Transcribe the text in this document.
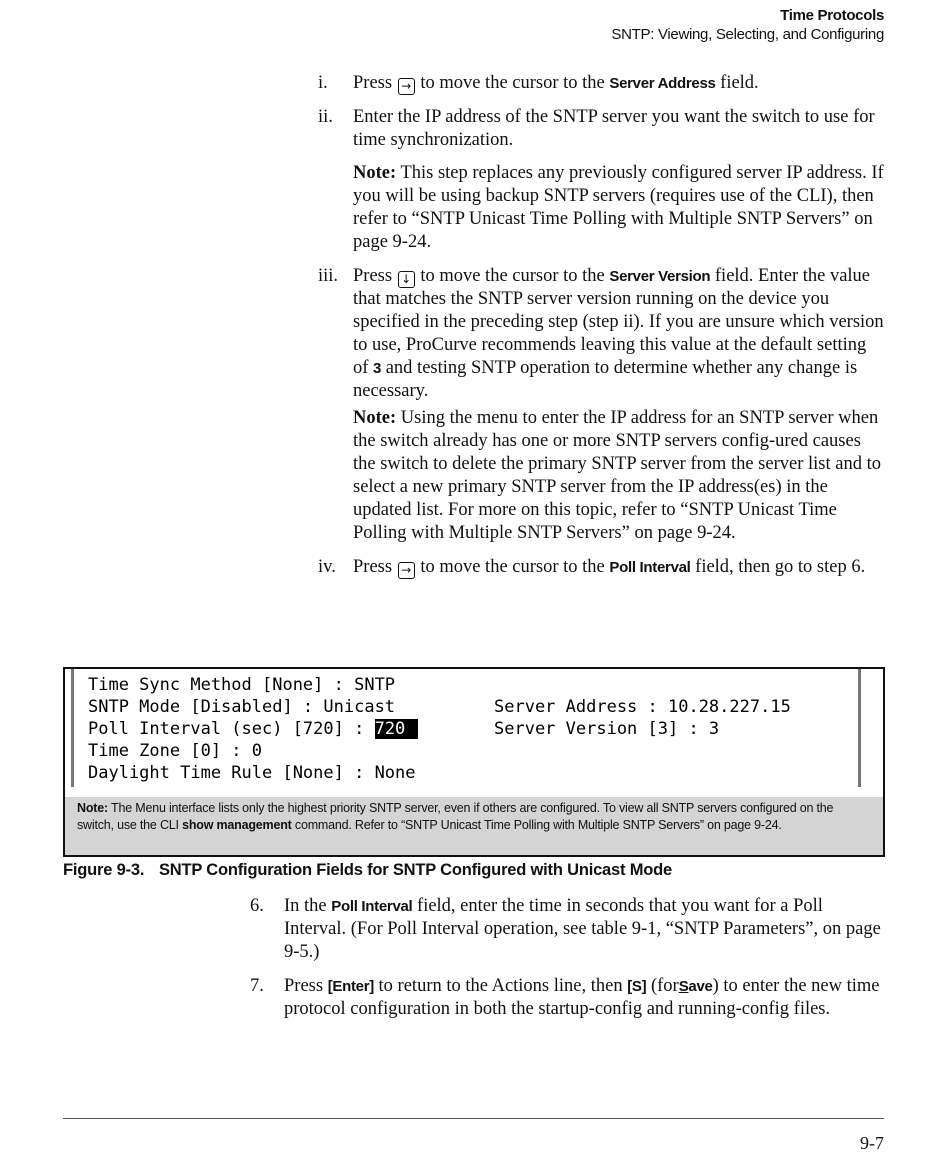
Time Protocols
SNTP: Viewing, Selecting, and Configuring
i. Press → to move the cursor to the Server Address field.

ii. Enter the IP address of the SNTP server you want the switch to use for time synchronization.

Note: This step replaces any previously configured server IP address. If you will be using backup SNTP servers (requires use of the CLI), then refer to “SNTP Unicast Time Polling with Multiple SNTP Servers” on page 9-24.

iii. Press ↓ to move the cursor to the Server Version field. Enter the value that matches the SNTP server version running on the device you specified in the preceding step (step ii). If you are unsure which version to use, ProCurve recommends leaving this value at the default setting of 3 and testing SNTP operation to determine whether any change is necessary.

Note: Using the menu to enter the IP address for an SNTP server when the switch already has one or more SNTP servers config-ured causes the switch to delete the primary SNTP server from the server list and to select a new primary SNTP server from the IP address(es) in the updated list. For more on this topic, refer to “SNTP Unicast Time Polling with Multiple SNTP Servers” on page 9-24.

iv. Press → to move the cursor to the Poll Interval field, then go to step 6.

Time Sync Method [None] : SNTP
SNTP Mode [Disabled] : Unicast
Poll Interval (sec) [720] : 720
Time Zone [0] : 0
Daylight Time Rule [None] : None
Server Address : 10.28.227.15
Server Version [3] : 3
Note: The Menu interface lists only the highest priority SNTP server, even if others are configured. To view all SNTP servers configured on the switch, use the CLI show management command. Refer to “SNTP Unicast Time Polling with Multiple SNTP Servers” on page 9-24.
Figure 9-3. SNTP Configuration Fields for SNTP Configured with Unicast Mode
6. In the Poll Interval field, enter the time in seconds that you want for a Poll Interval. (For Poll Interval operation, see table 9-1, “SNTP Parameters”, on page 9-5.)

7. Press [Enter] to return to the Actions line, then [S] (forSave) to enter the new time protocol configuration in both the startup-config and running-config files.

9-7
